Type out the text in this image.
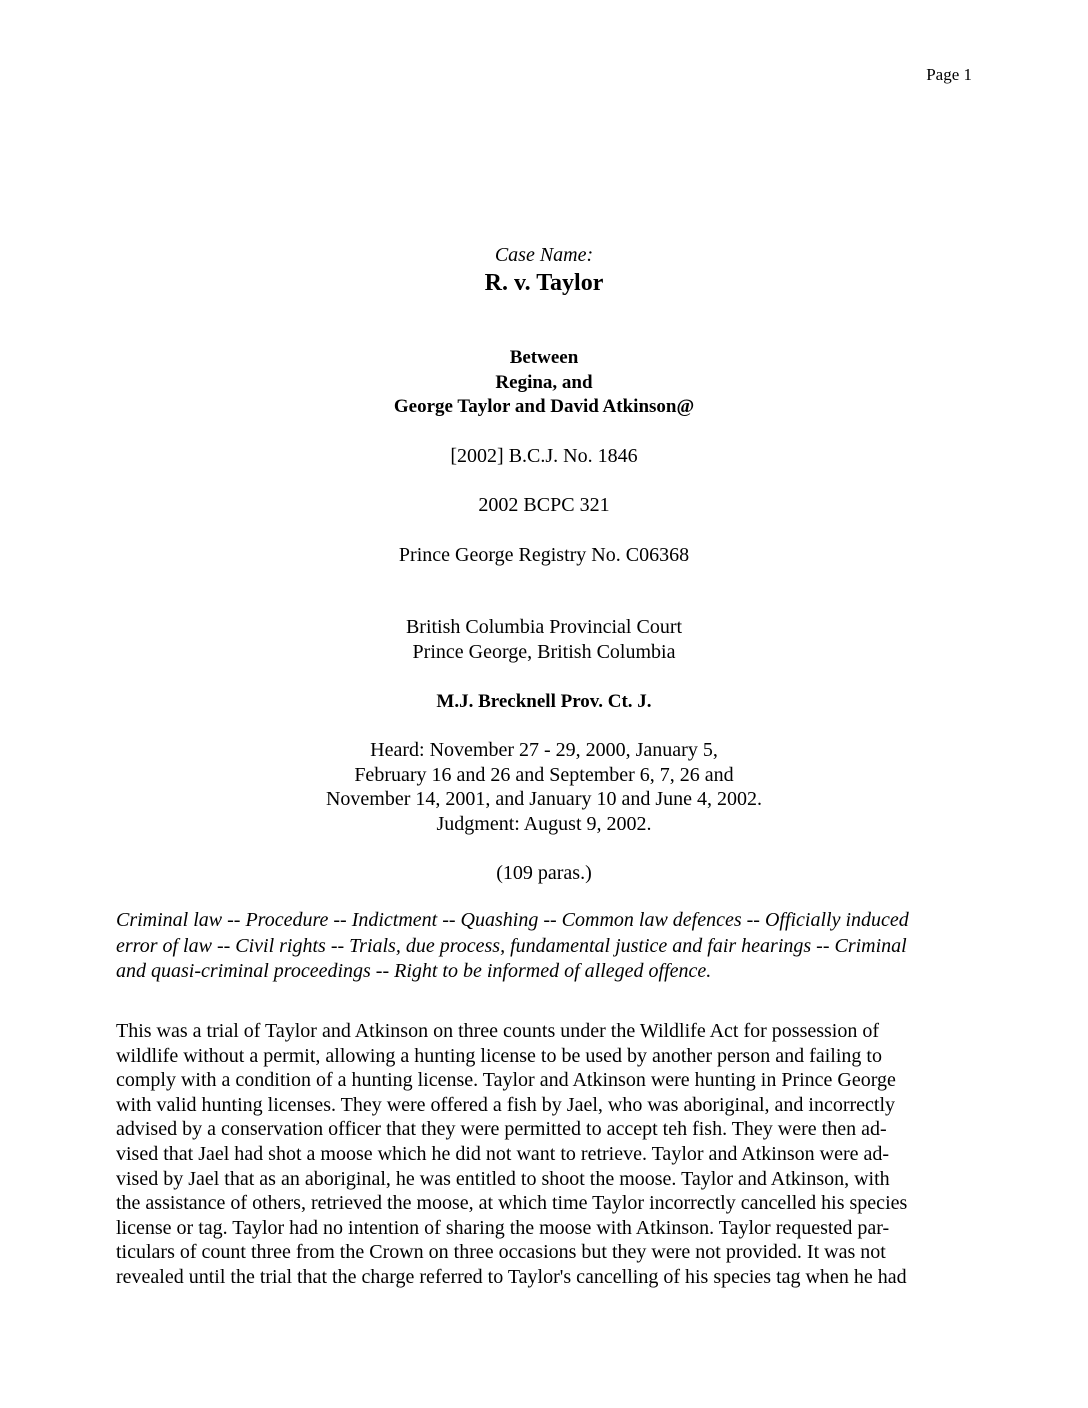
Page 1
Case Name:
R. v. Taylor
Between
Regina, and
George Taylor and David Atkinson@
[2002] B.C.J. No. 1846
2002 BCPC 321
Prince George Registry No. C06368
British Columbia Provincial Court
Prince George, British Columbia
M.J. Brecknell Prov. Ct. J.
Heard: November 27 - 29, 2000, January 5,
February 16 and 26 and September 6, 7, 26 and
November 14, 2001, and January 10 and June 4, 2002.
Judgment: August 9, 2002.
(109 paras.)
Criminal law -- Procedure -- Indictment -- Quashing -- Common law defences -- Officially induced
error of law -- Civil rights -- Trials, due process, fundamental justice and fair hearings -- Criminal
and quasi-criminal proceedings -- Right to be informed of alleged offence.
This was a trial of Taylor and Atkinson on three counts under the Wildlife Act for possession of
wildlife without a permit, allowing a hunting license to be used by another person and failing to
comply with a condition of a hunting license. Taylor and Atkinson were hunting in Prince George
with valid hunting licenses. They were offered a fish by Jael, who was aboriginal, and incorrectly
advised by a conservation officer that they were permitted to accept teh fish. They were then ad-
vised that Jael had shot a moose which he did not want to retrieve. Taylor and Atkinson were ad-
vised by Jael that as an aboriginal, he was entitled to shoot the moose. Taylor and Atkinson, with
the assistance of others, retrieved the moose, at which time Taylor incorrectly cancelled his species
license or tag. Taylor had no intention of sharing the moose with Atkinson. Taylor requested par-
ticulars of count three from the Crown on three occasions but they were not provided. It was not
revealed until the trial that the charge referred to Taylor's cancelling of his species tag when he had
